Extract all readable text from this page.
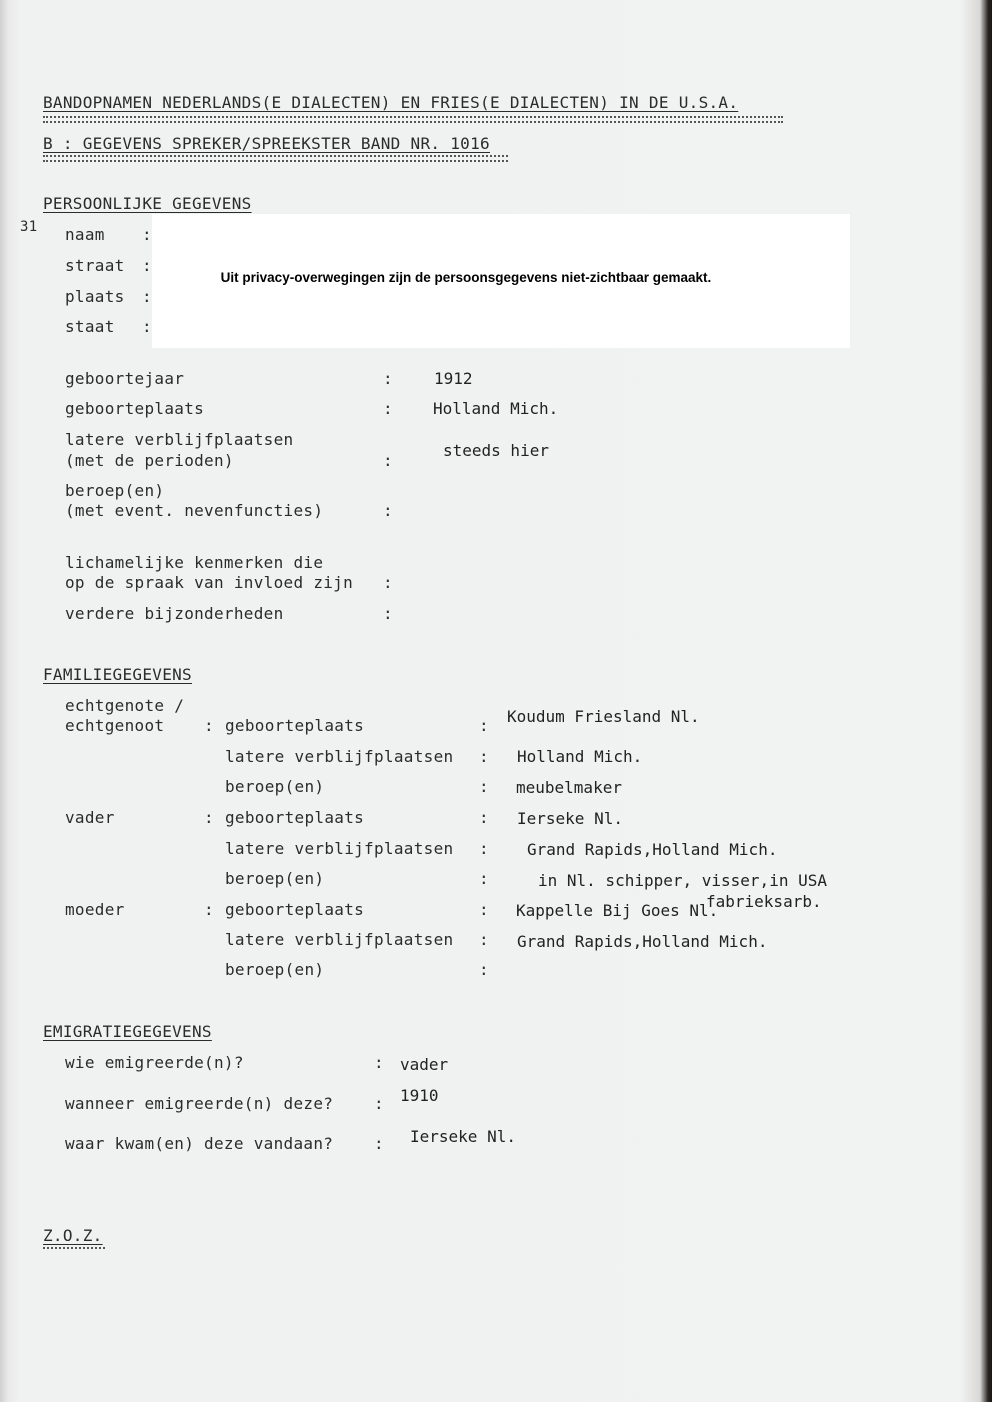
BANDOPNAMEN NEDERLANDS(E DIALECTEN) EN FRIES(E DIALECTEN) IN DE U.S.A.
B : GEGEVENS SPREKER/SPREEKSTER BAND NR. 1016
PERSOONLIJKE GEGEVENS
31 naam :
straat :
plaats :
staat :
Uit privacy-overwegingen zijn de persoonsgegevens niet-zichtbaar gemaakt.
geboortejaar	:	1912
geboorteplaats	:	Holland Mich.
latere verblijfplaatsen
(met de perioden)	:
steeds hier
beroep(en)
(met event. nevenfuncties)	:
lichamelijke kenmerken die
op de spraak van invloed zijn :
verdere bijzonderheden	:
FAMILIEGEGEVENS
echtgenote /
echtgenoot : geboorteplaats	: Koudum Friesland Nl.
latere verblijfplaatsen : Holland Mich.
beroep(en)	: meubelmaker
vader	: geboorteplaats	: Ierseke Nl.
latere verblijfplaatsen : Grand Rapids,Holland Mich.
beroep(en)	:	in Nl. schipper, visser,in USA
fabrieksarb.
moeder	: geboorteplaats	: Kappelle Bij Goes Nl.
latere verblijfplaatsen : Grand Rapids,Holland Mich.
beroep(en)	:
EMIGRATIEGEGEVENS
wie emigreerde(n)?	: vader
wanneer emigreerde(n) deze?	: 1910
waar kwam(en) deze vandaan?	: Ierseke Nl.
Z.O.Z.
